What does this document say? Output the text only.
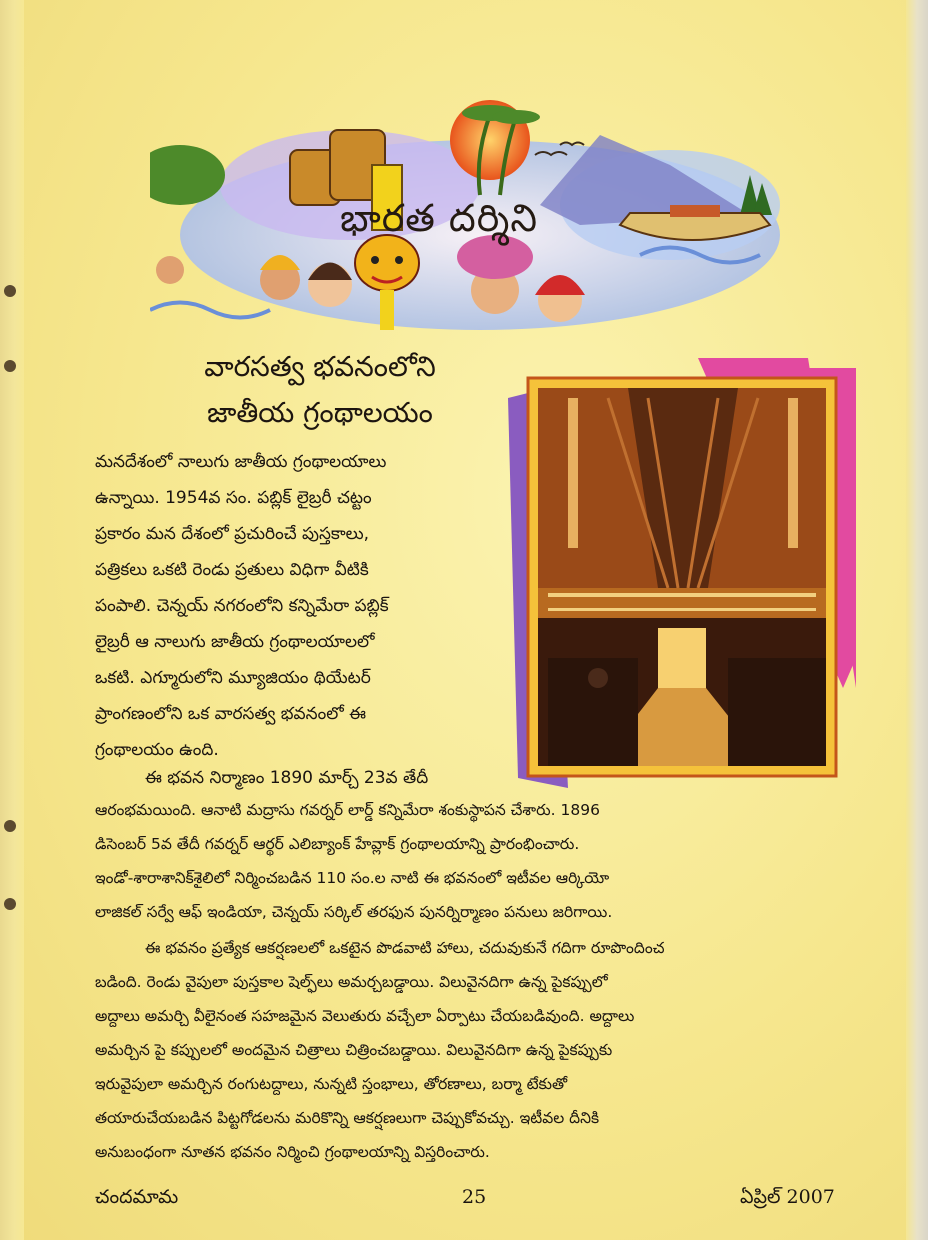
భారత దర్శిని
వారసత్వ భవనంలోని
జాతీయ గ్రంథాలయం
మనదేశంలో నాలుగు జాతీయ గ్రంథాలయాలు
ఉన్నాయి. 1954వ సం. పబ్లిక్ లైబ్రరీ చట్టం
ప్రకారం మన దేశంలో ప్రచురించే పుస్తకాలు,
పత్రికలు ఒకటి రెండు ప్రతులు విధిగా వీటికి
పంపాలి. చెన్నయ్ నగరంలోని కన్నిమేరా పబ్లిక్
లైబ్రరీ ఆ నాలుగు జాతీయ గ్రంథాలయాలలో
ఒకటి. ఎగ్మూరులోని మ్యూజియం థియేటర్
ప్రాంగణంలోని ఒక వారసత్వ భవనంలో ఈ
గ్రంథాలయం ఉంది.
ఈ భవన నిర్మాణం 1890 మార్చ్ 23వ తేదీ
ఆరంభమయింది. ఆనాటి మద్రాసు గవర్నర్ లార్డ్ కన్నిమేరా శంకుస్థాపన చేశారు. 1896
డిసెంబర్ 5వ తేదీ గవర్నర్ ఆర్థర్ ఎలిబ్యాంక్ హేవ్లాక్ గ్రంథాలయాన్ని ప్రారంభించారు.
ఇండో-శారాశానిక్‌శైలిలో నిర్మించబడిన 110 సం.ల నాటి ఈ భవనంలో ఇటీవల ఆర్కియో
లాజికల్ సర్వే ఆఫ్ ఇండియా, చెన్నయ్ సర్కిల్ తరఫున పునర్నిర్మాణం పనులు జరిగాయి.
ఈ భవనం ప్రత్యేక ఆకర్షణలలో ఒకటైన పొడవాటి హాలు, చదువుకునే గదిగా రూపొందించ
బడింది. రెండు వైపులా పుస్తకాల షెల్ఫ్‌లు అమర్చబడ్డాయి. విలువైనదిగా ఉన్న పైకప్పులో
అద్దాలు అమర్చి వీలైనంత సహజమైన వెలుతురు వచ్చేలా ఏర్పాటు చేయబడివుంది. అద్దాలు
అమర్చిన పై కప్పులలో అందమైన చిత్రాలు చిత్రించబడ్డాయి. విలువైనదిగా ఉన్న పైకప్పుకు
ఇరువైపులా అమర్చిన రంగుటద్దాలు, నున్నటి స్తంభాలు, తోరణాలు, బర్మా టేకుతో
తయారుచేయబడిన పిట్టగోడలను మరికొన్ని ఆకర్షణలుగా చెప్పుకోవచ్చు. ఇటీవల దీనికి
అనుబంధంగా నూతన భవనం నిర్మించి గ్రంథాలయాన్ని విస్తరించారు.
చందమామ	25	ఏప్రిల్ 2007
